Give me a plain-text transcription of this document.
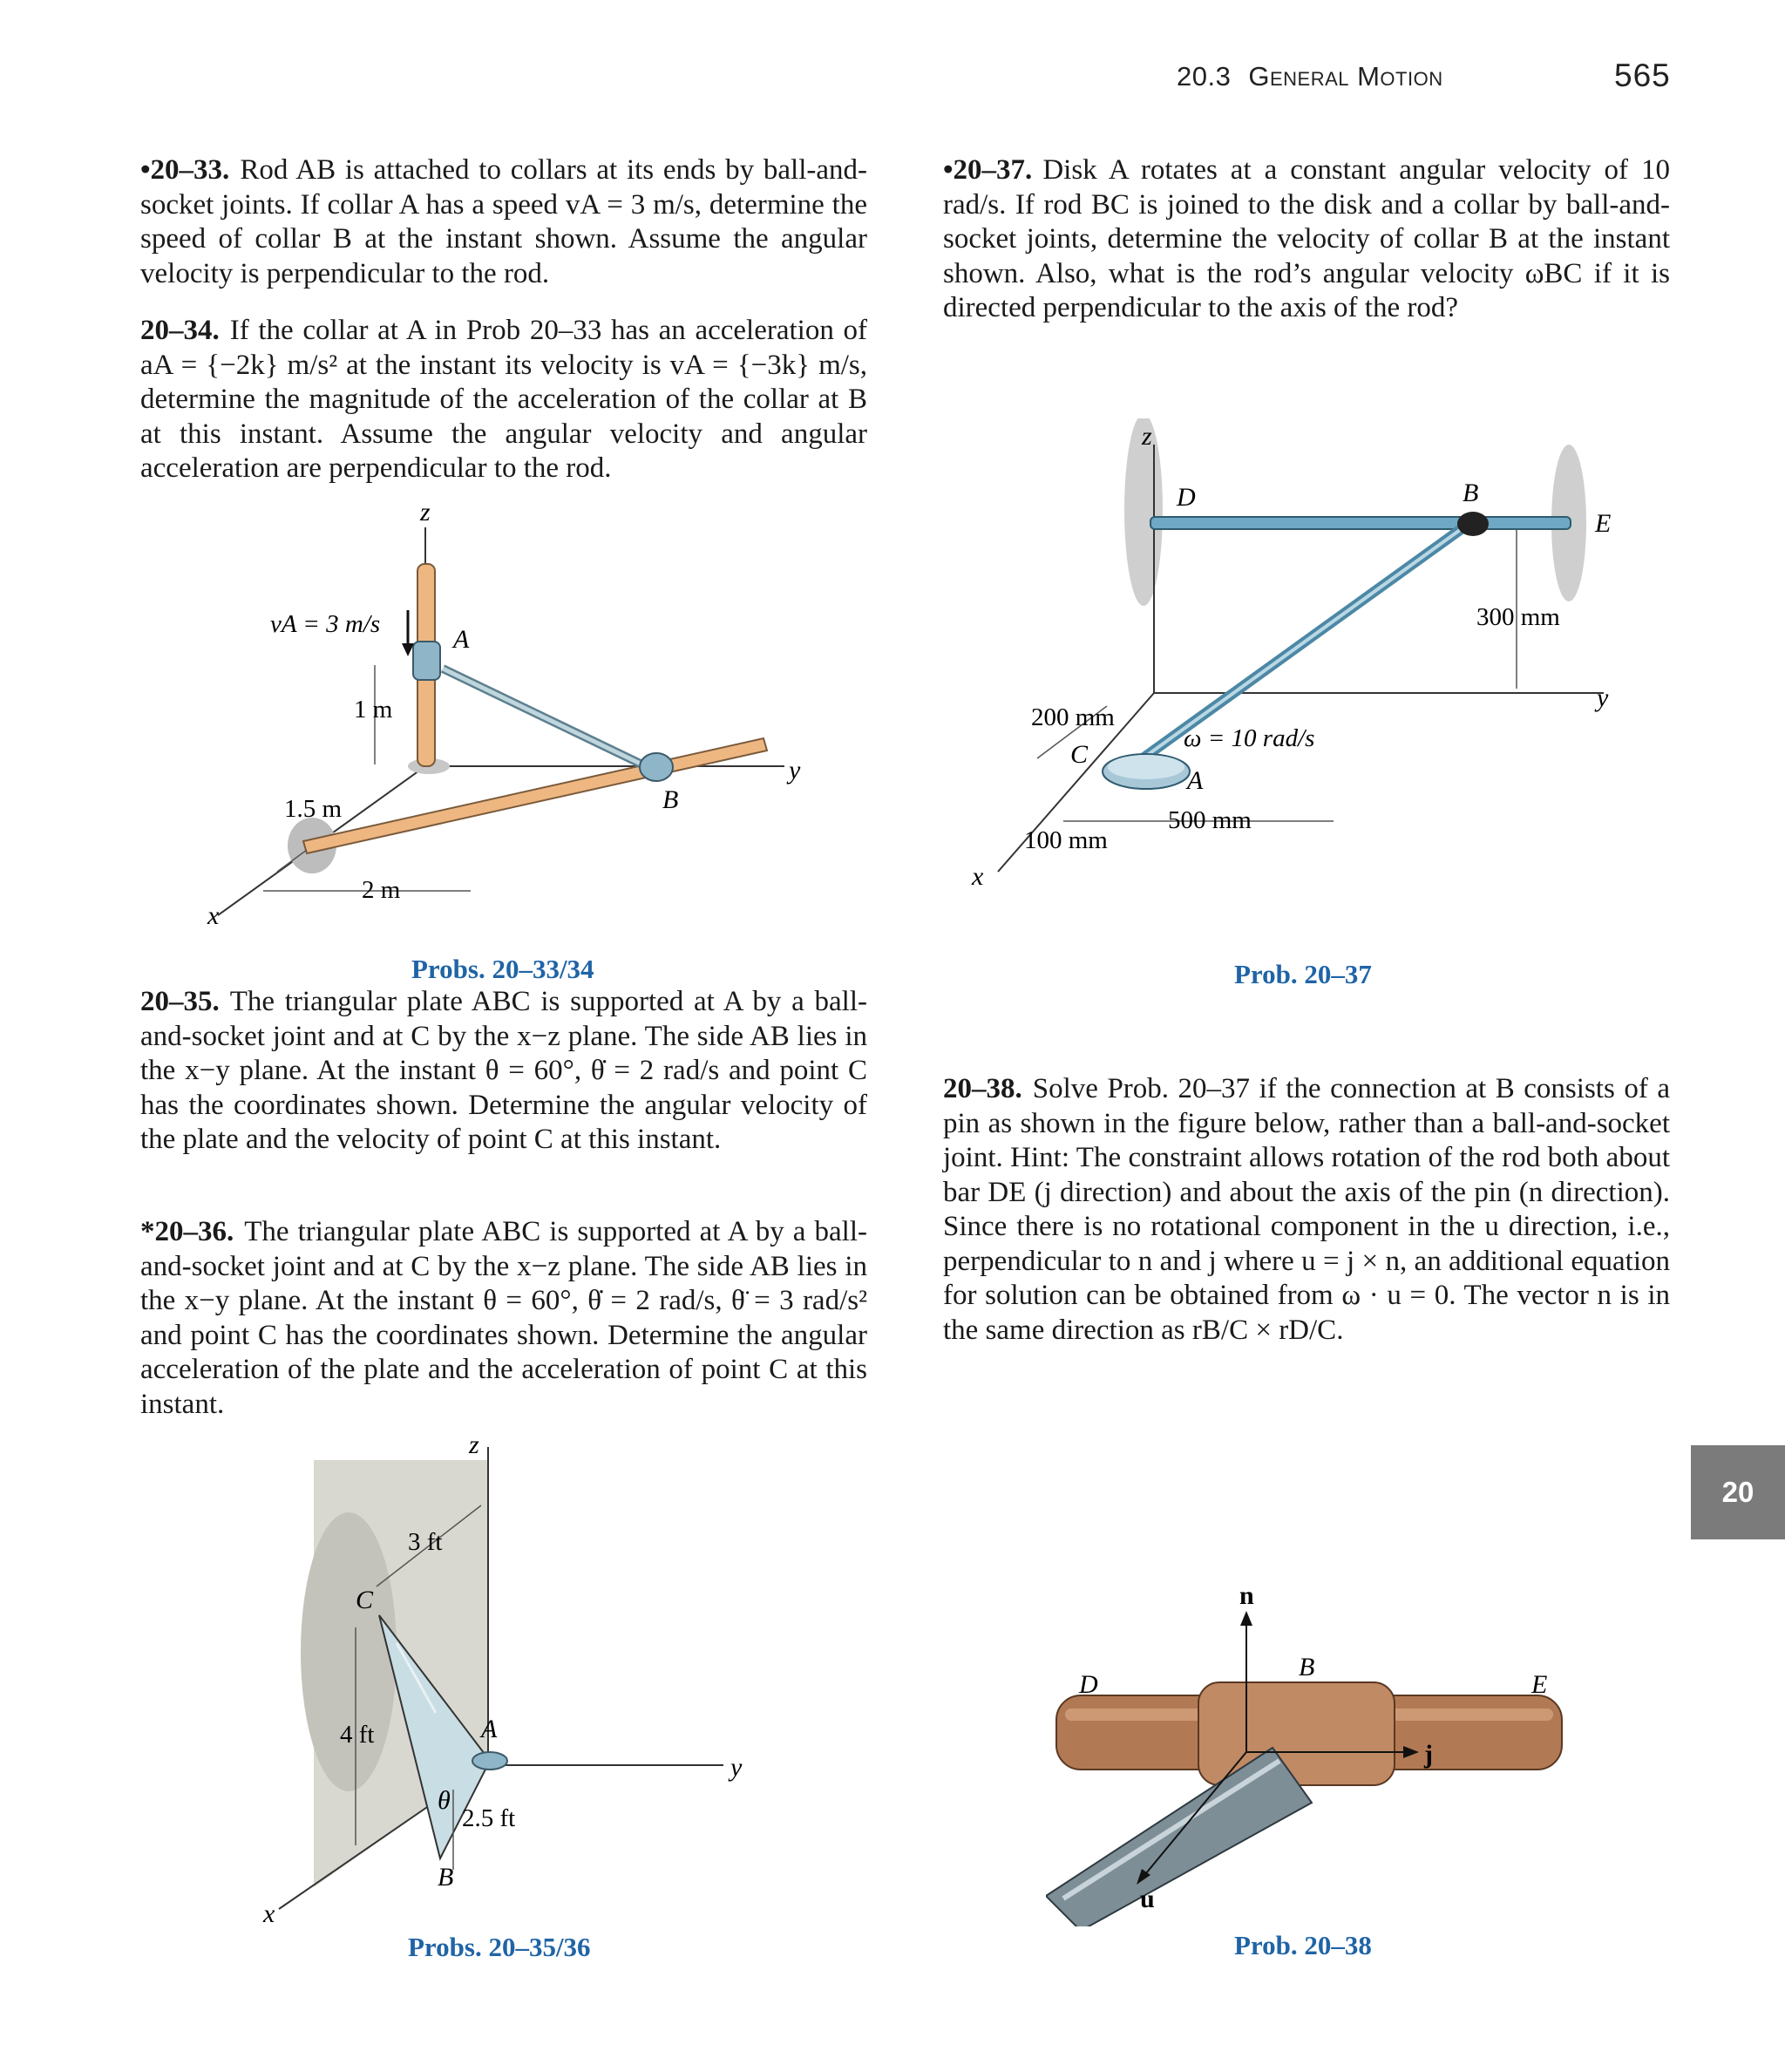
20.3 General Motion	565
20

•20–33. Rod AB is attached to collars at its ends by ball-and-socket joints. If collar A has a speed vA = 3 m/s, determine the speed of collar B at the instant shown. Assume the angular velocity is perpendicular to the rod.

20–34. If the collar at A in Prob 20–33 has an acceleration of aA = {−2k} m/s² at the instant its velocity is vA = {−3k} m/s, determine the magnitude of the acceleration of the collar at B at this instant. Assume the angular velocity and angular acceleration are perpendicular to the rod.

20–35. The triangular plate ABC is supported at A by a ball-and-socket joint and at C by the x−z plane. The side AB lies in the x−y plane. At the instant θ = 60°, θ̇ = 2 rad/s and point C has the coordinates shown. Determine the angular velocity of the plate and the velocity of point C at this instant.

*20–36. The triangular plate ABC is supported at A by a ball-and-socket joint and at C by the x−z plane. The side AB lies in the x−y plane. At the instant θ = 60°, θ̇ = 2 rad/s, θ̈ = 3 rad/s² and point C has the coordinates shown. Determine the angular acceleration of the plate and the acceleration of point C at this instant.

•20–37. Disk A rotates at a constant angular velocity of 10 rad/s. If rod BC is joined to the disk and a collar by ball-and-socket joints, determine the velocity of collar B at the instant shown. Also, what is the rod’s angular velocity ωBC if it is directed perpendicular to the axis of the rod?

20–38. Solve Prob. 20–37 if the connection at B consists of a pin as shown in the figure below, rather than a ball-and-socket joint. Hint: The constraint allows rotation of the rod both about bar DE (j direction) and about the axis of the pin (n direction). Since there is no rotational component in the u direction, i.e., perpendicular to n and j where u = j × n, an additional equation for solution can be obtained from ω · u = 0. The vector n is in the same direction as rB/C × rD/C.

z
y
x
A
B
vA = 3 m/s
1 m
1.5 m
2 m
Probs. 20–33/34
z
y
x
C
A
B
3 ft
4 ft
2.5 ft
θ
Probs. 20–35/36
z
y
x
D	B
E
C
A
300 mm
200 mm
100 mm
500 mm
ω = 10 rad/s
Prob. 20–37
n
j
u
B
D	E
Prob. 20–38
